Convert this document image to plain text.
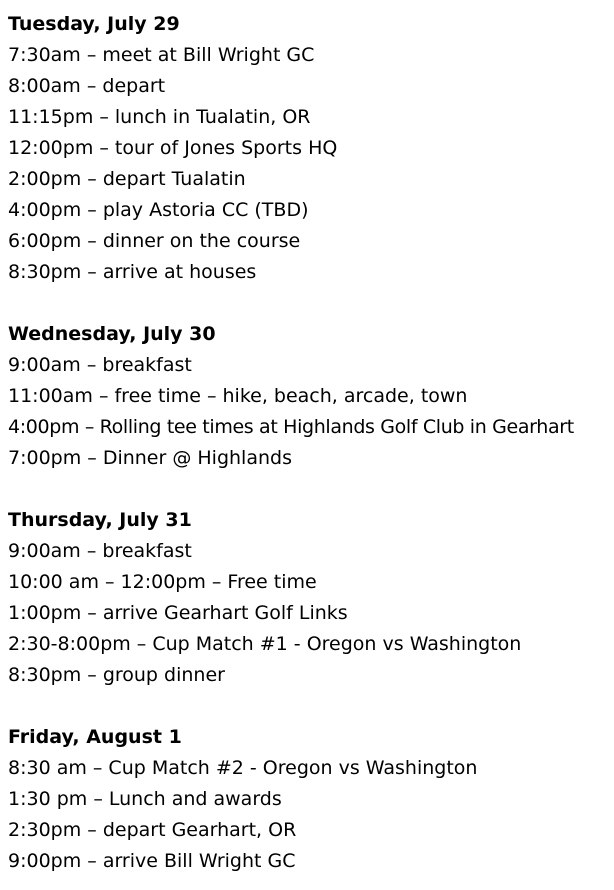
Tuesday, July 29
7:30am – meet at Bill Wright GC
8:00am – depart
11:15pm – lunch in Tualatin, OR
12:00pm – tour of Jones Sports HQ
2:00pm – depart Tualatin
4:00pm – play Astoria CC (TBD)
6:00pm – dinner on the course
8:30pm – arrive at houses
Wednesday, July 30
9:00am – breakfast
11:00am – free time – hike, beach, arcade, town
4:00pm – Rolling tee times at Highlands Golf Club in Gearhart
7:00pm – Dinner @ Highlands
Thursday, July 31
9:00am – breakfast
10:00 am – 12:00pm – Free time
1:00pm – arrive Gearhart Golf Links
2:30-8:00pm – Cup Match #1 - Oregon vs Washington
8:30pm – group dinner
Friday, August 1
8:30 am – Cup Match #2 - Oregon vs Washington
1:30 pm – Lunch and awards
2:30pm – depart Gearhart, OR
9:00pm – arrive Bill Wright GC
